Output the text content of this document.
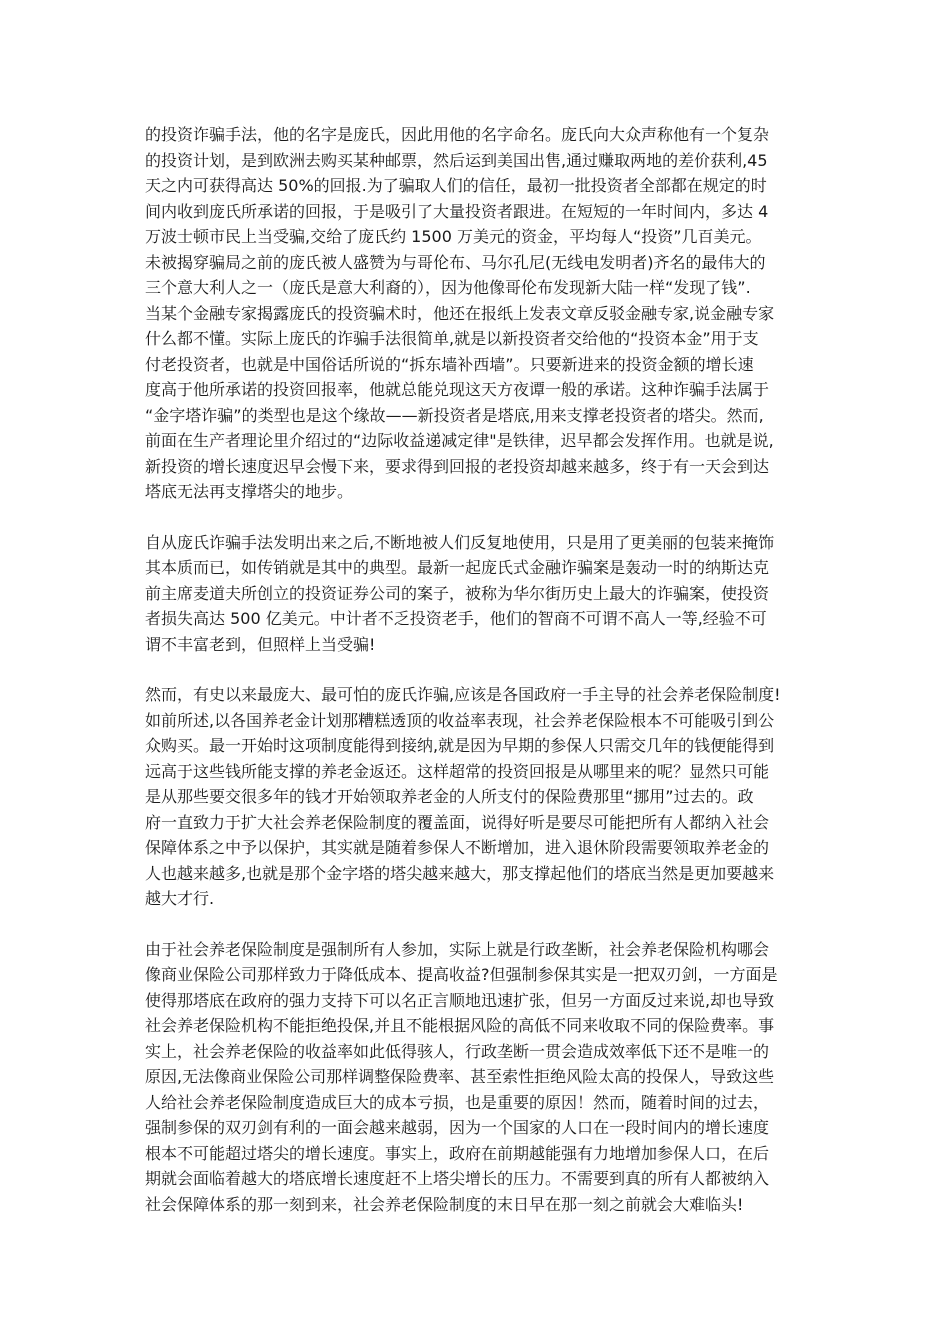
的投资诈骗手法，他的名字是庞氏，因此用他的名字命名。庞氏向大众声称他有一个复杂
的投资计划，是到欧洲去购买某种邮票，然后运到美国出售,通过赚取两地的差价获利,45
天之内可获得高达 50%的回报.为了骗取人们的信任，最初一批投资者全部都在规定的时
间内收到庞氏所承诺的回报，于是吸引了大量投资者跟进。在短短的一年时间内，多达 4
万波士顿市民上当受骗,交给了庞氏约 1500 万美元的资金，平均每人“投资”几百美元。
未被揭穿骗局之前的庞氏被人盛赞为与哥伦布、马尔孔尼(无线电发明者)齐名的最伟大的
三个意大利人之一（庞氏是意大利裔的），因为他像哥伦布发现新大陆一样“发现了钱”.
当某个金融专家揭露庞氏的投资骗术时，他还在报纸上发表文章反驳金融专家,说金融专家
什么都不懂。实际上庞氏的诈骗手法很简单,就是以新投资者交给他的“投资本金”用于支
付老投资者，也就是中国俗话所说的“拆东墙补西墙”。只要新进来的投资金额的增长速
度高于他所承诺的投资回报率，他就总能兑现这天方夜谭一般的承诺。这种诈骗手法属于
“金字塔诈骗”的类型也是这个缘故——新投资者是塔底,用来支撑老投资者的塔尖。然而,
前面在生产者理论里介绍过的“边际收益递减定律"是铁律，迟早都会发挥作用。也就是说,
新投资的增长速度迟早会慢下来，要求得到回报的老投资却越来越多，终于有一天会到达
塔底无法再支撑塔尖的地步。
自从庞氏诈骗手法发明出来之后,不断地被人们反复地使用，只是用了更美丽的包装来掩饰
其本质而已，如传销就是其中的典型。最新一起庞氏式金融诈骗案是轰动一时的纳斯达克
前主席麦道夫所创立的投资证券公司的案子，被称为华尔街历史上最大的诈骗案，使投资
者损失高达 500 亿美元。中计者不乏投资老手，他们的智商不可谓不高人一等,经验不可
谓不丰富老到，但照样上当受骗!
然而，有史以来最庞大、最可怕的庞氏诈骗,应该是各国政府一手主导的社会养老保险制度!
如前所述,以各国养老金计划那糟糕透顶的收益率表现，社会养老保险根本不可能吸引到公
众购买。最一开始时这项制度能得到接纳,就是因为早期的参保人只需交几年的钱便能得到
远高于这些钱所能支撑的养老金返还。这样超常的投资回报是从哪里来的呢？显然只可能
是从那些要交很多年的钱才开始领取养老金的人所支付的保险费那里“挪用”过去的。政
府一直致力于扩大社会养老保险制度的覆盖面，说得好听是要尽可能把所有人都纳入社会
保障体系之中予以保护，其实就是随着参保人不断增加，进入退休阶段需要领取养老金的
人也越来越多,也就是那个金字塔的塔尖越来越大，那支撑起他们的塔底当然是更加要越来
越大才行.
由于社会养老保险制度是强制所有人参加，实际上就是行政垄断，社会养老保险机构哪会
像商业保险公司那样致力于降低成本、提高收益?但强制参保其实是一把双刃剑，一方面是
使得那塔底在政府的强力支持下可以名正言顺地迅速扩张，但另一方面反过来说,却也导致
社会养老保险机构不能拒绝投保,并且不能根据风险的高低不同来收取不同的保险费率。事
实上，社会养老保险的收益率如此低得骇人，行政垄断一贯会造成效率低下还不是唯一的
原因,无法像商业保险公司那样调整保险费率、甚至索性拒绝风险太高的投保人，导致这些
人给社会养老保险制度造成巨大的成本亏损，也是重要的原因！然而，随着时间的过去，
强制参保的双刃剑有利的一面会越来越弱，因为一个国家的人口在一段时间内的增长速度
根本不可能超过塔尖的增长速度。事实上，政府在前期越能强有力地增加参保人口，在后
期就会面临着越大的塔底增长速度赶不上塔尖增长的压力。不需要到真的所有人都被纳入
社会保障体系的那一刻到来，社会养老保险制度的末日早在那一刻之前就会大难临头!
